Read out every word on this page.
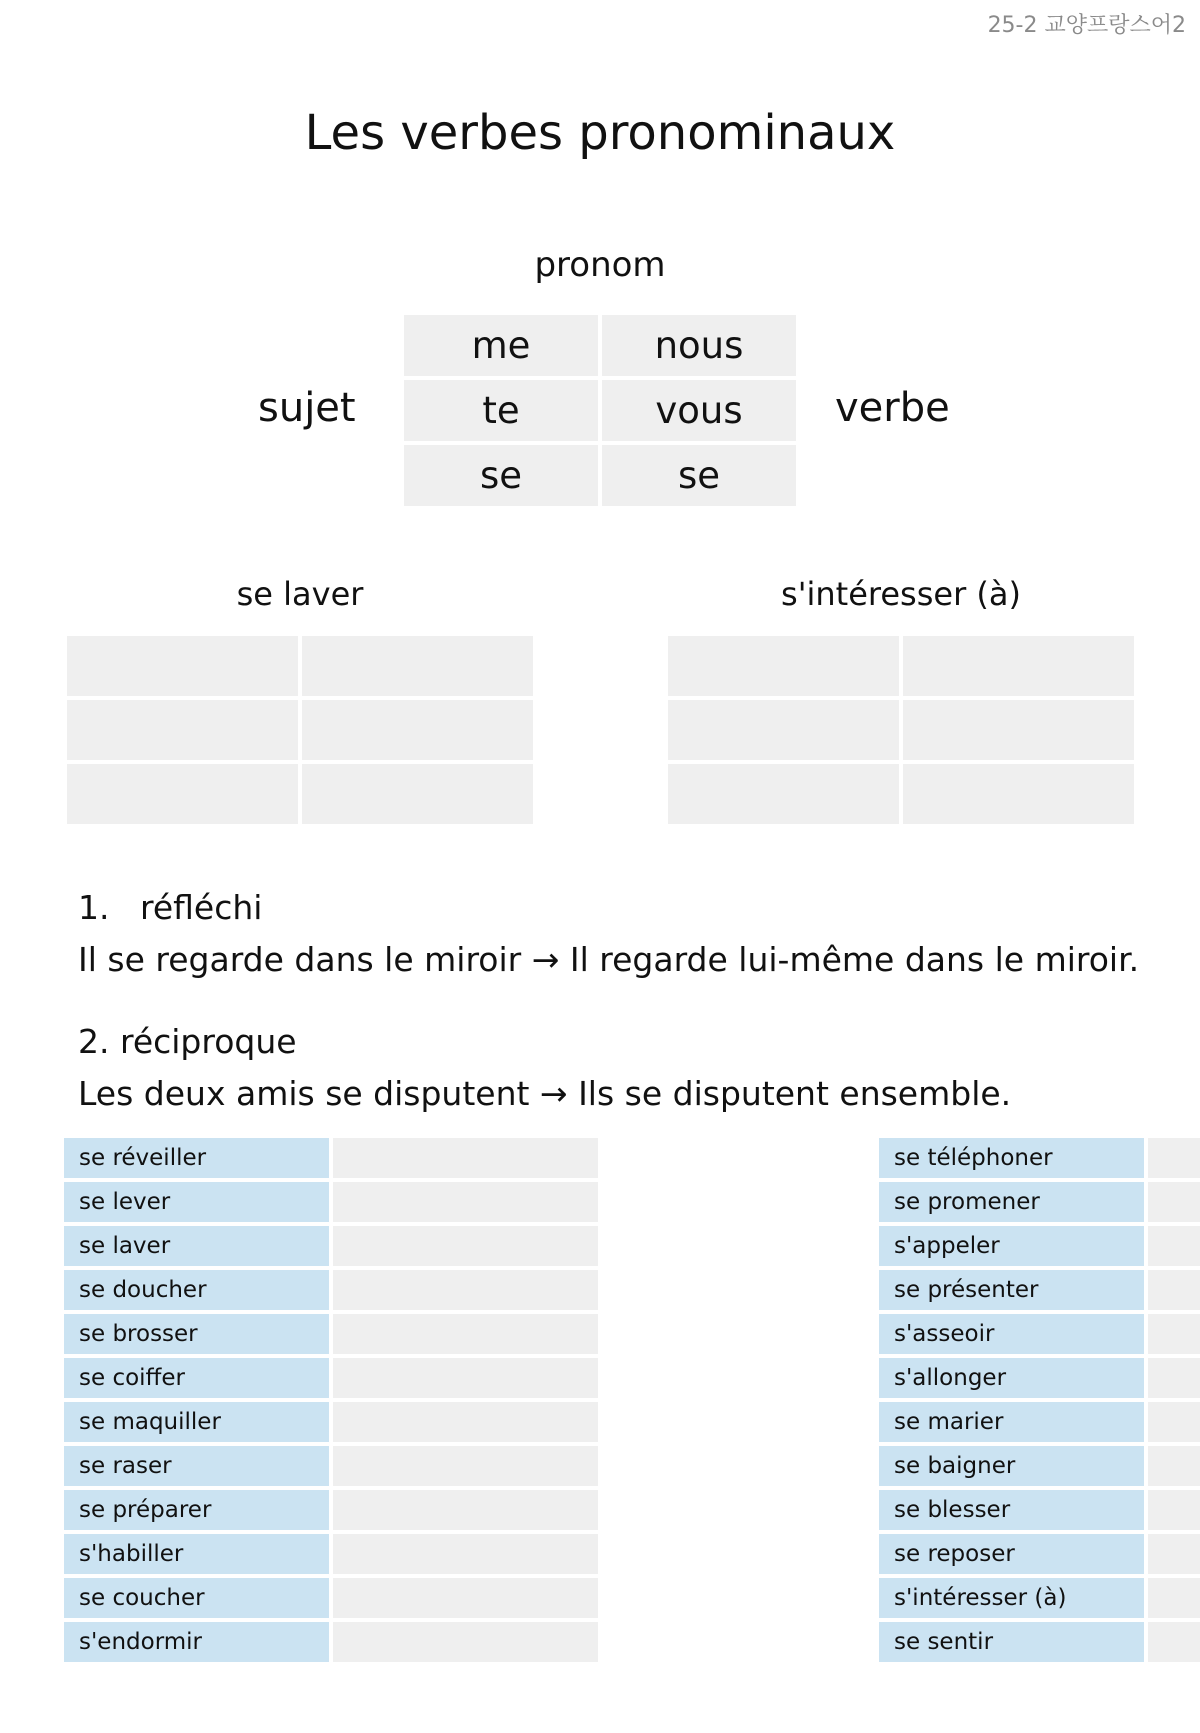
25-2 교양프랑스어2
Les verbes pronominaux
pronom
sujet	verbe
me	nous
te	vous
se	se
se laver	s'intéresser (à)
1. réfléchi
Il se regarde dans le miroir → Il regarde lui-même dans le miroir.
2. réciproque
Les deux amis se disputent → Ils se disputent ensemble.
se réveiller	se téléphoner
se lever	se promener
se laver	s'appeler
se doucher	se présenter
se brosser	s'asseoir
se coiffer	s'allonger
se maquiller	se marier
se raser	se baigner
se préparer	se blesser
s'habiller	se reposer
se coucher	s'intéresser (à)
s'endormir	se sentir
